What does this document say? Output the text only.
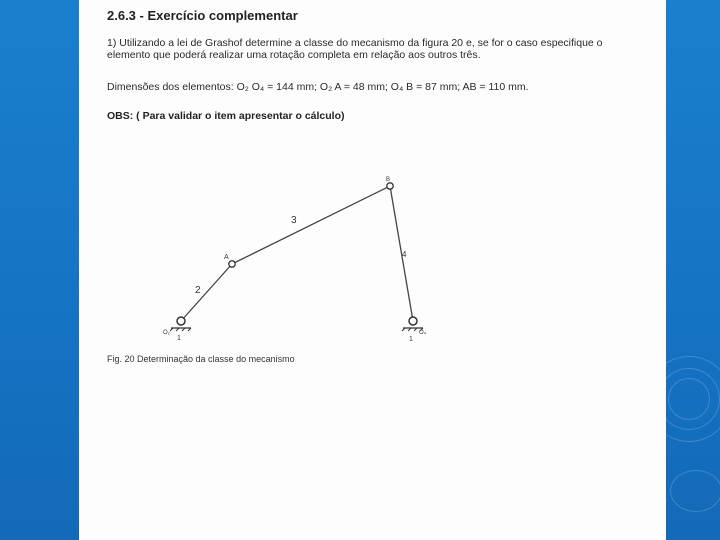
2.6.3 - Exercício complementar
1) Utilizando a lei de Grashof determine a classe do mecanismo da figura 20 e, se for o caso especifique o elemento que poderá realizar uma rotação completa em relação aos outros três.
Dimensões dos elementos: O₂ O₄ = 144 mm; O₂ A = 48 mm; O₄ B = 87 mm; AB = 110 mm.
OBS: ( Para validar o item apresentar o cálculo)
2
3
4
A
B
O₂	O₄
1	1
Fig. 20 Determinação da classe do mecanismo
